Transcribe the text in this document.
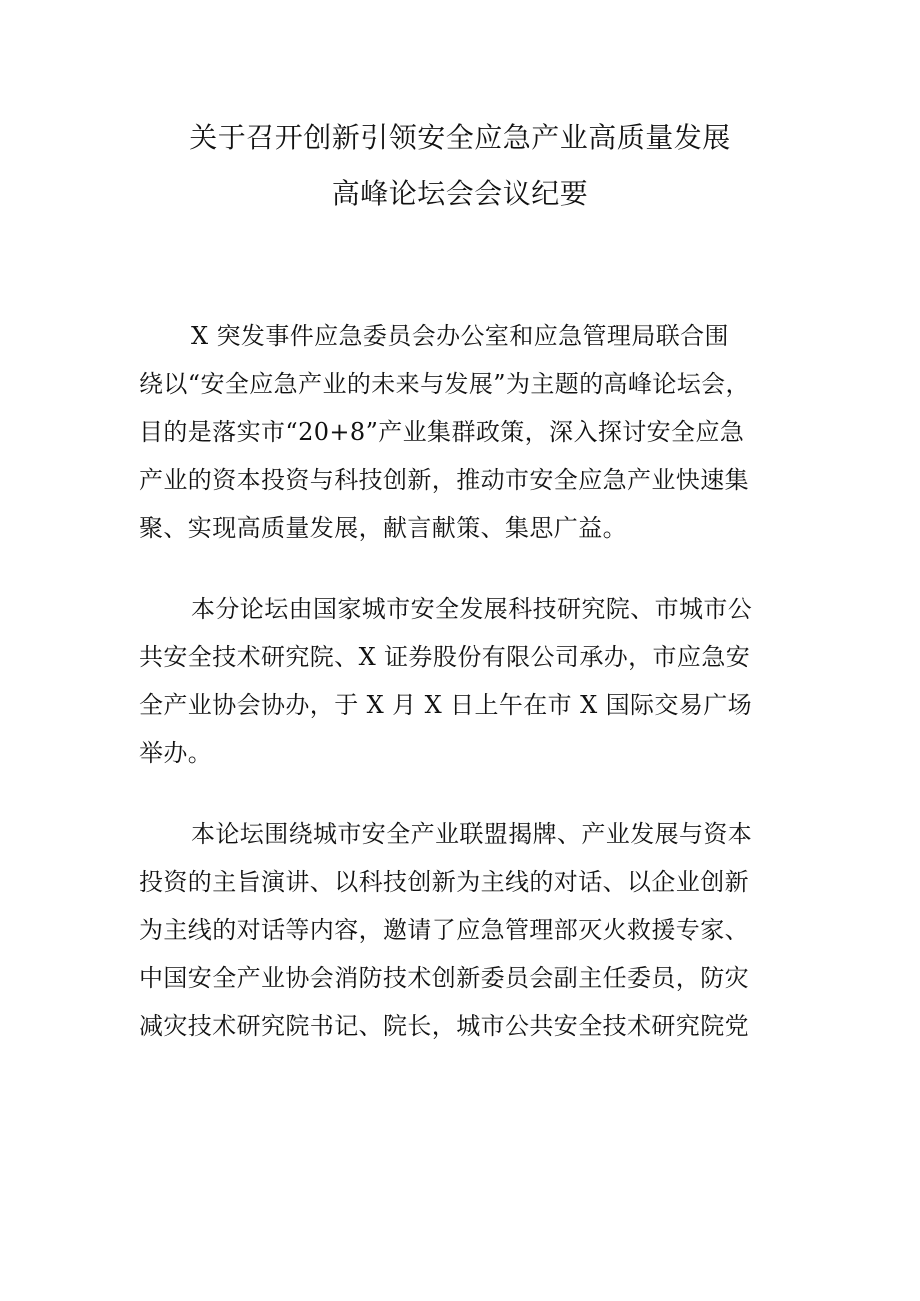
关于召开创新引领安全应急产业高质量发展
高峰论坛会会议纪要
X 突发事件应急委员会办公室和应急管理局联合围
绕以“安全应急产业的未来与发展”为主题的高峰论坛会，
目的是落实市“20+8”产业集群政策，深入探讨安全应急
产业的资本投资与科技创新，推动市安全应急产业快速集
聚、实现高质量发展，献言献策、集思广益。
本分论坛由国家城市安全发展科技研究院、市城市公
共安全技术研究院、X 证券股份有限公司承办，市应急安
全产业协会协办，于 X 月 X 日上午在市 X 国际交易广场
举办。
本论坛围绕城市安全产业联盟揭牌、产业发展与资本
投资的主旨演讲、以科技创新为主线的对话、以企业创新
为主线的对话等内容，邀请了应急管理部灭火救援专家、
中国安全产业协会消防技术创新委员会副主任委员，防灾
减灾技术研究院书记、院长，城市公共安全技术研究院党
